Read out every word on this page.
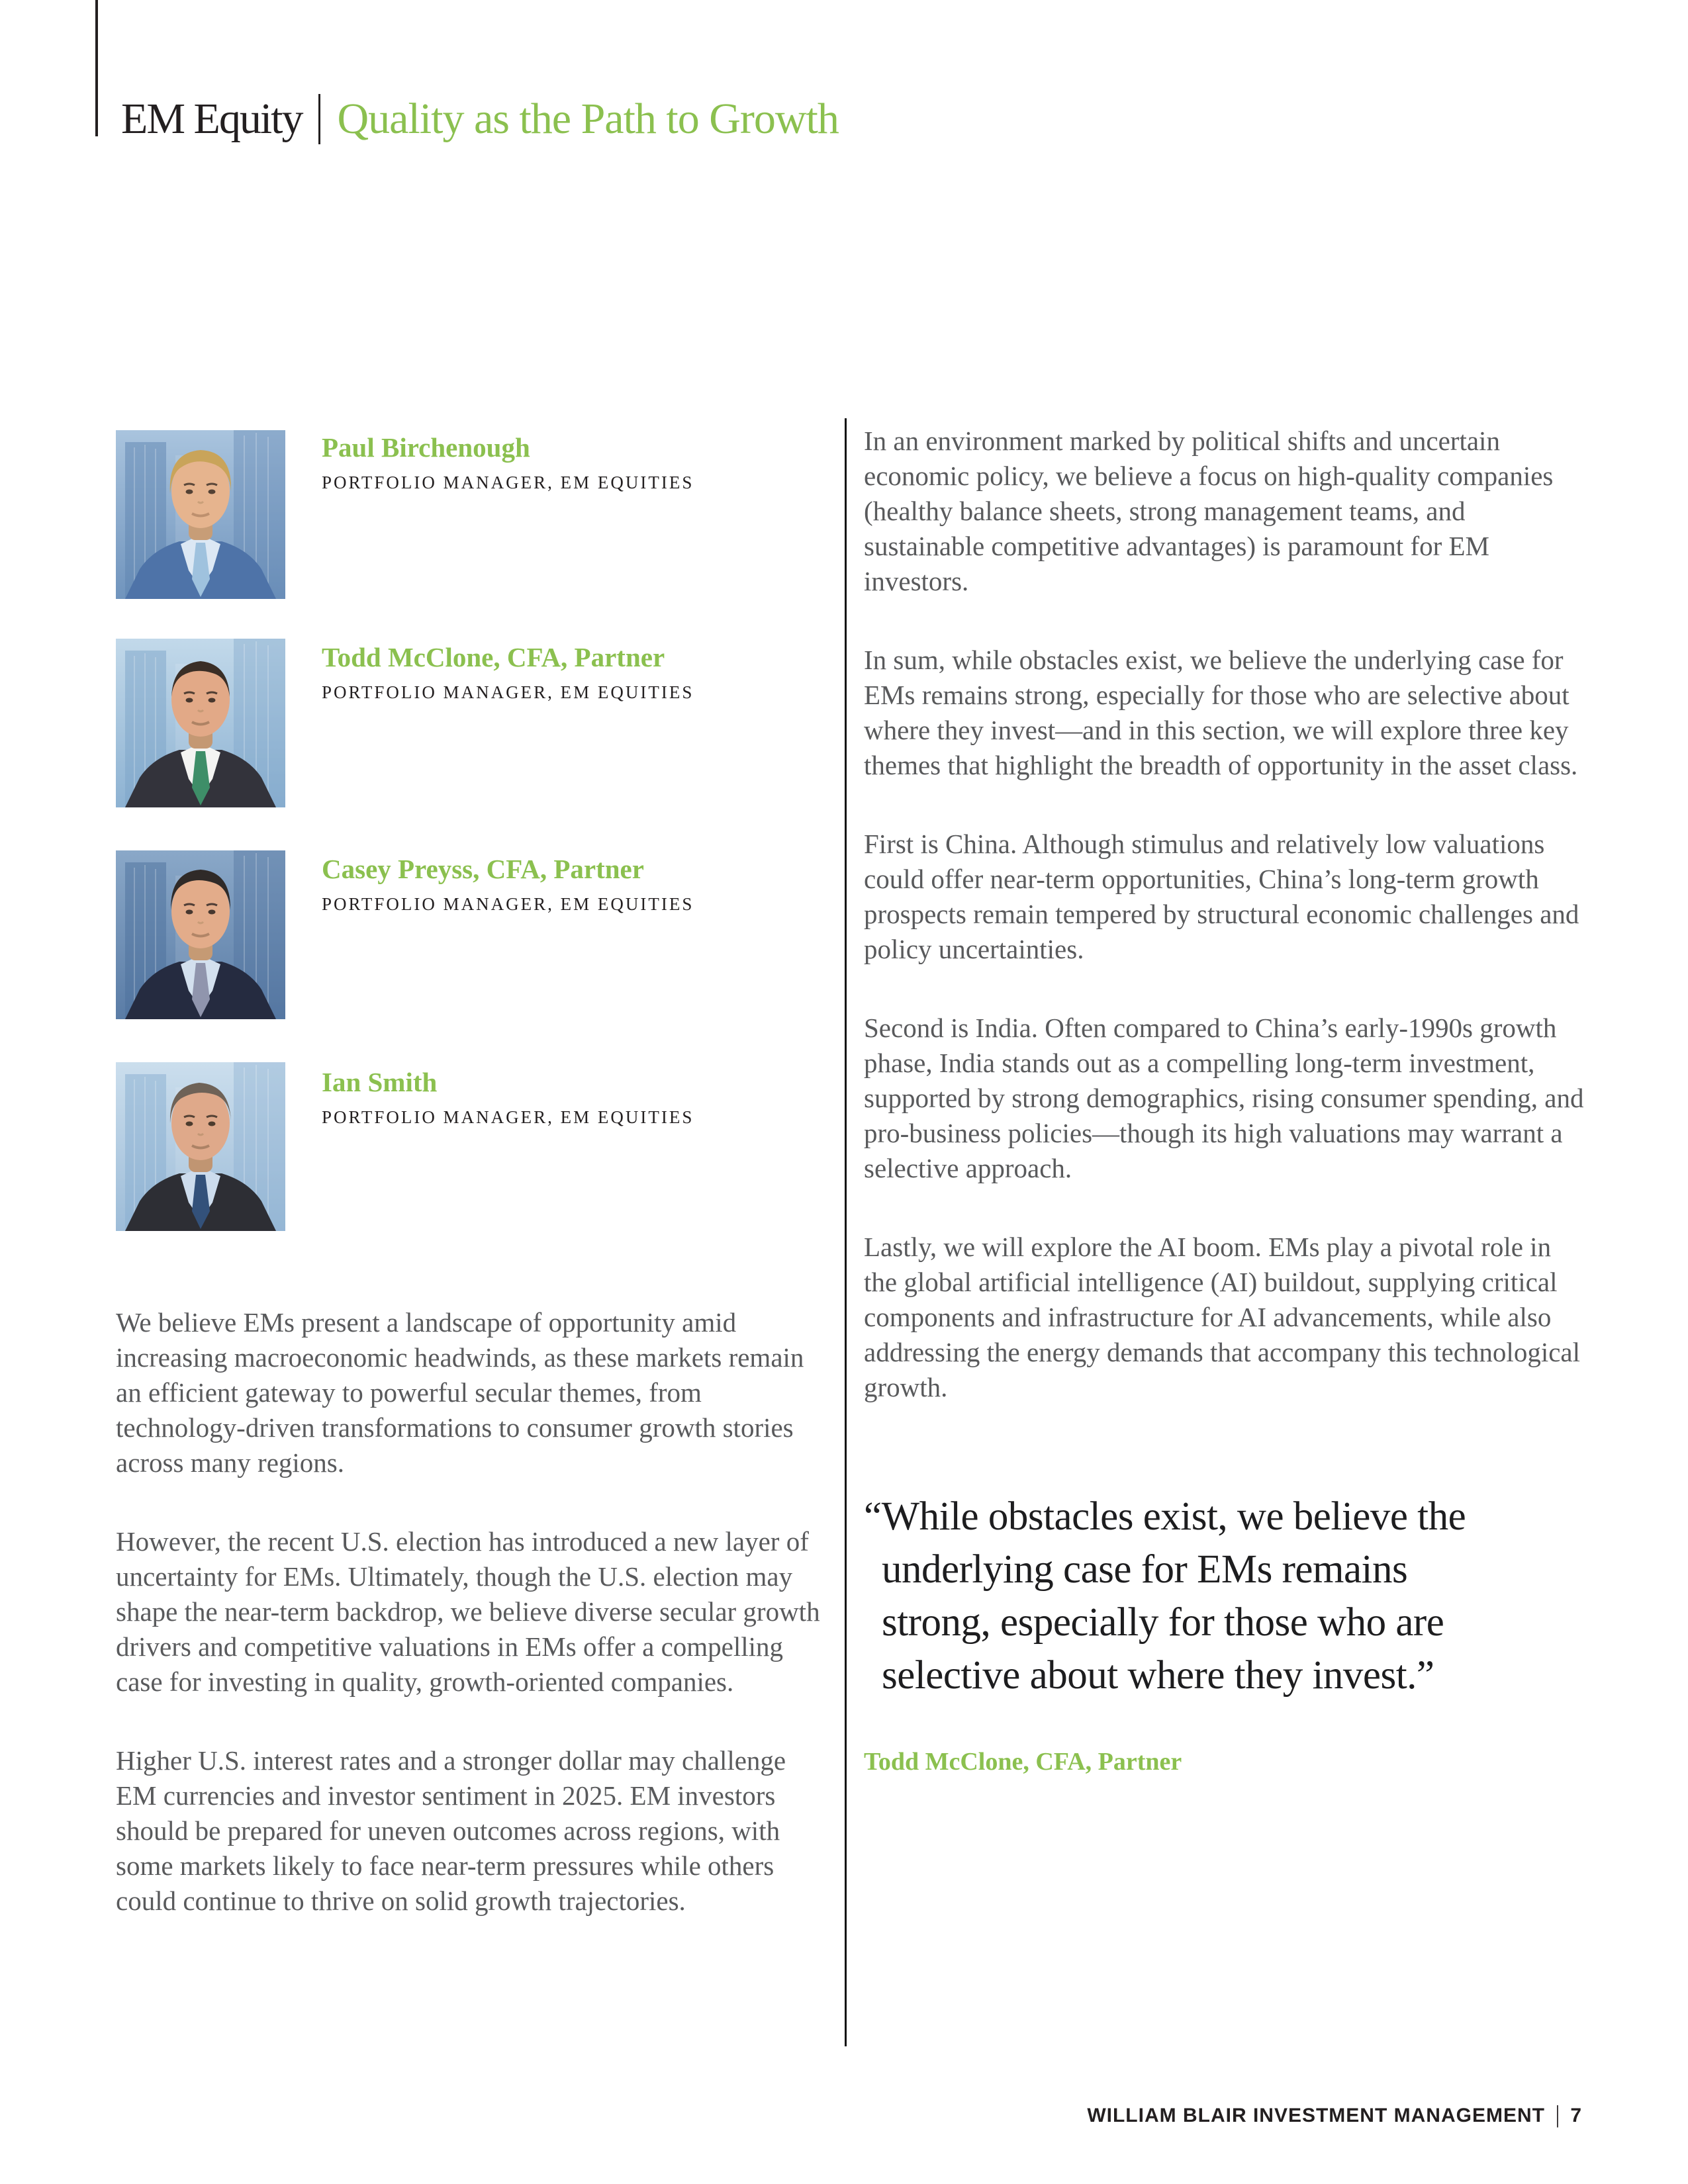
EM Equity Quality as the Path to Growth
Paul Birchenough
PORTFOLIO MANAGER, EM EQUITIES
Todd McClone, CFA, Partner
PORTFOLIO MANAGER, EM EQUITIES
Casey Preyss, CFA, Partner
PORTFOLIO MANAGER, EM EQUITIES
Ian Smith
PORTFOLIO MANAGER, EM EQUITIES

We believe EMs present a landscape of opportunity amid increasing macroeconomic headwinds, as these markets remain an efficient gateway to powerful secular themes, from technology-driven transformations to consumer growth stories across many regions.

However, the recent U.S. election has introduced a new layer of uncertainty for EMs. Ultimately, though the U.S. election may shape the near-term backdrop, we believe diverse secular growth drivers and competitive valuations in EMs offer a compelling case for investing in quality, growth-oriented companies.

Higher U.S. interest rates and a stronger dollar may challenge EM currencies and investor sentiment in 2025. EM investors should be prepared for uneven outcomes across regions, with some markets likely to face near-term pressures while others could continue to thrive on solid growth trajectories.

In an environment marked by political shifts and uncertain economic policy, we believe a focus on high-quality companies (healthy balance sheets, strong management teams, and sustainable competitive advantages) is paramount for EM investors.

In sum, while obstacles exist, we believe the underlying case for EMs remains strong, especially for those who are selective about where they invest—and in this section, we will explore three key themes that highlight the breadth of opportunity in the asset class.

First is China. Although stimulus and relatively low valuations could offer near-term opportunities, China’s long-term growth prospects remain tempered by structural economic challenges and policy uncertainties.

Second is India. Often compared to China’s early-1990s growth phase, India stands out as a compelling long-term investment, supported by strong demographics, rising consumer spending, and pro-business policies—though its high valuations may warrant a selective approach.

Lastly, we will explore the AI boom. EMs play a pivotal role in the global artificial intelligence (AI) buildout, supplying critical components and infrastructure for AI advancements, while also addressing the energy demands that accompany this technological growth.

“While obstacles exist, we believe the
underlying case for EMs remains
strong, especially for those who are
selective about where they invest.”
Todd McClone, CFA, Partner
WILLIAM BLAIR INVESTMENT MANAGEMENT | 7
